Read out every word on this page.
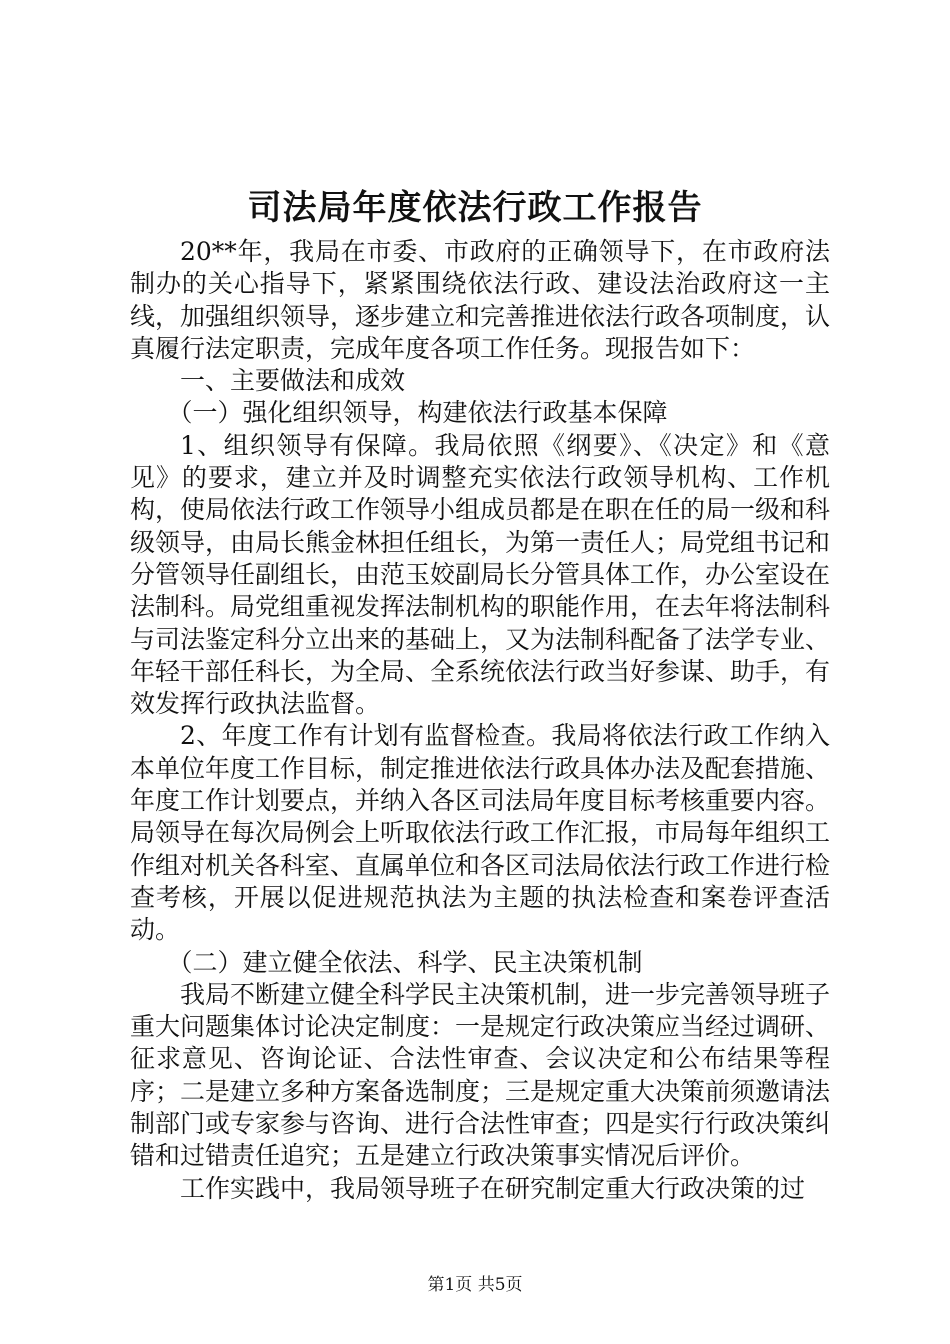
司法局年度依法行政工作报告

20**年，我局在市委、市政府的正确领导下，在市政府法制办的关心指导下，紧紧围绕依法行政、建设法治政府这一主线，加强组织领导，逐步建立和完善推进依法行政各项制度，认真履行法定职责，完成年度各项工作任务。现报告如下：

一、主要做法和成效

（一）强化组织领导，构建依法行政基本保障

1、组织领导有保障。我局依照《纲要》、《决定》和《意见》的要求，建立并及时调整充实依法行政领导机构、工作机构，使局依法行政工作领导小组成员都是在职在任的局一级和科级领导，由局长熊金林担任组长，为第一责任人；局党组书记和分管领导任副组长，由范玉姣副局长分管具体工作，办公室设在法制科。局党组重视发挥法制机构的职能作用，在去年将法制科与司法鉴定科分立出来的基础上，又为法制科配备了法学专业、年轻干部任科长，为全局、全系统依法行政当好参谋、助手，有效发挥行政执法监督。

2、年度工作有计划有监督检查。我局将依法行政工作纳入本单位年度工作目标，制定推进依法行政具体办法及配套措施、年度工作计划要点，并纳入各区司法局年度目标考核重要内容。局领导在每次局例会上听取依法行政工作汇报，市局每年组织工作组对机关各科室、直属单位和各区司法局依法行政工作进行检查考核，开展以促进规范执法为主题的执法检查和案卷评查活动。

（二）建立健全依法、科学、民主决策机制

我局不断建立健全科学民主决策机制，进一步完善领导班子重大问题集体讨论决定制度：一是规定行政决策应当经过调研、征求意见、咨询论证、合法性审查、会议决定和公布结果等程序；二是建立多种方案备选制度；三是规定重大决策前须邀请法制部门或专家参与咨询、进行合法性审查；四是实行行政决策纠错和过错责任追究；五是建立行政决策事实情况后评价。

工作实践中，我局领导班子在研究制定重大行政决策的过

第1页 共5页
